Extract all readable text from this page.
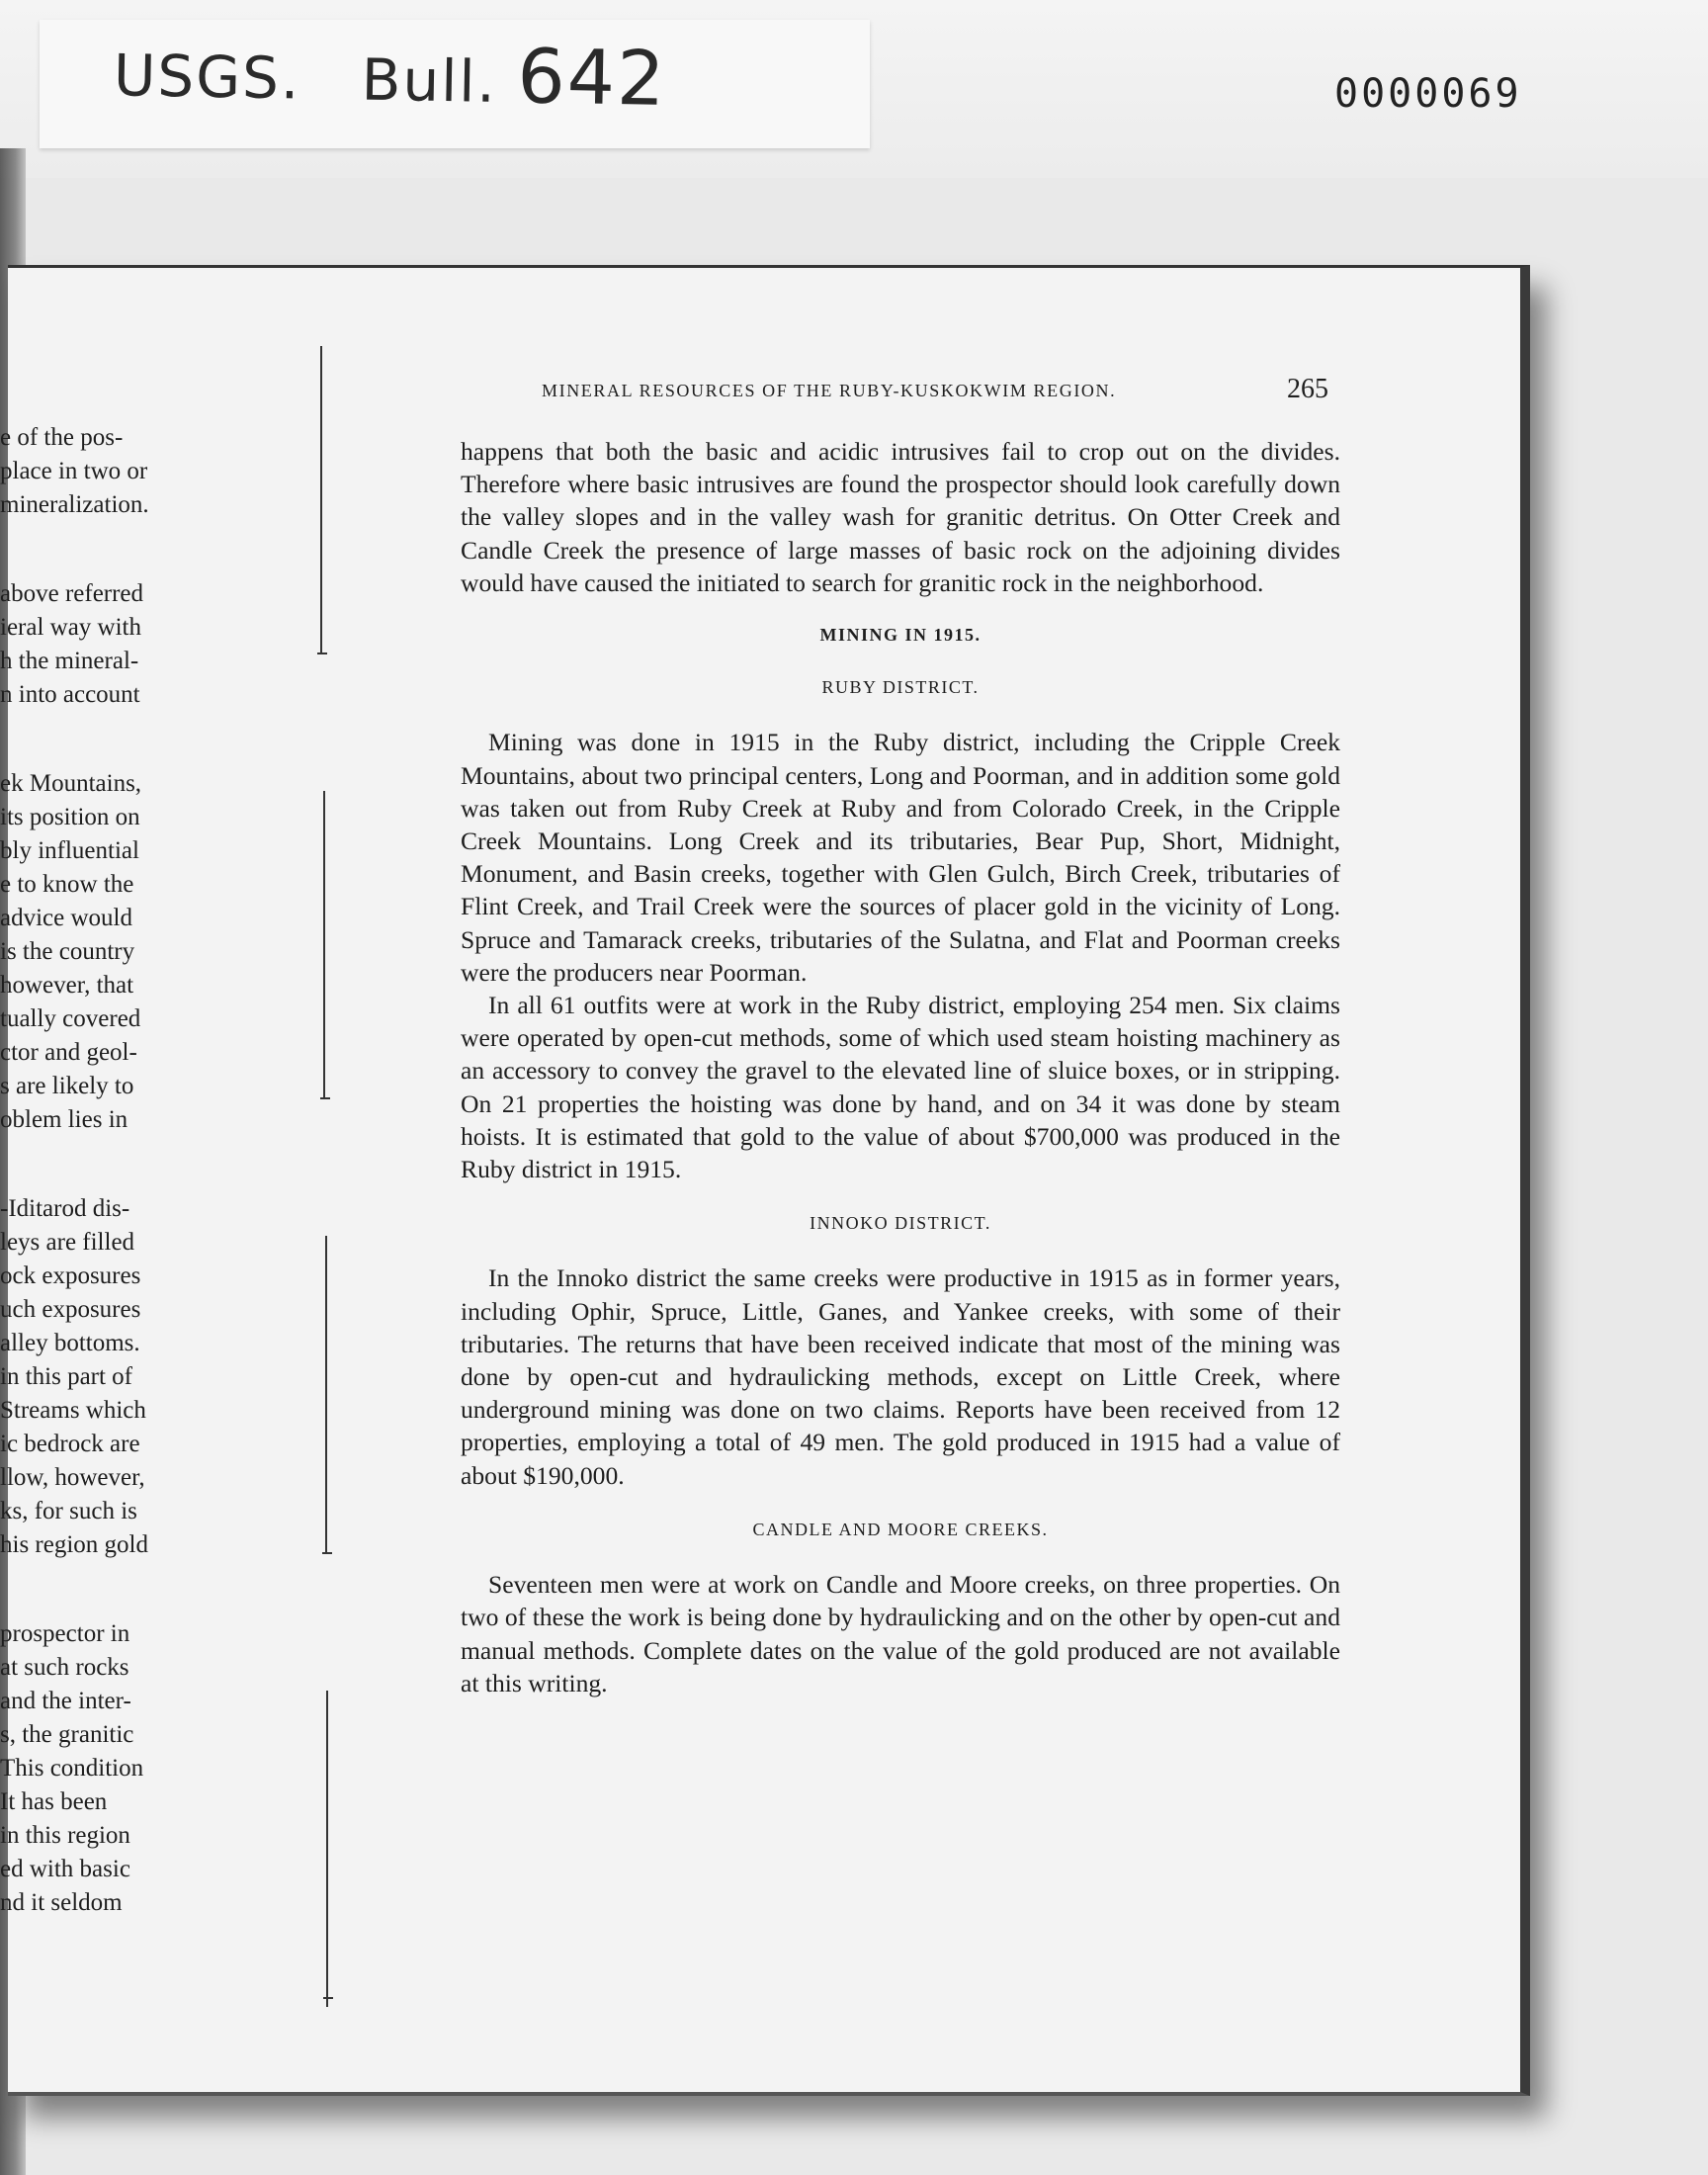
USGS. Bull. 642	0000069
e of the pos-
place in two or
mineralization.
above referred
ieral way with
h the mineral-
n into account
ek Mountains,
its position on
bly influential
e to know the
advice would
is the country
however, that
tually covered
ctor and geol-
s are likely to
oblem lies in
-Iditarod dis-
leys are filled
ock exposures
uch exposures
alley bottoms.
in this part of
Streams which
ic bedrock are
llow, however,
ks, for such is
his region gold
prospector in
at such rocks
and the inter-
s, the granitic
This condition
It has been
in this region
ed with basic
nd it seldom
MINERAL RESOURCES OF THE RUBY-KUSKOKWIM REGION.	265

happens that both the basic and acidic intrusives fail to crop out on the divides. Therefore where basic intrusives are found the prospector should look carefully down the valley slopes and in the valley wash for granitic detritus. On Otter Creek and Candle Creek the presence of large masses of basic rock on the adjoining divides would have caused the initiated to search for granitic rock in the neighborhood.

MINING IN 1915.
RUBY DISTRICT.

Mining was done in 1915 in the Ruby district, including the Cripple Creek Mountains, about two principal centers, Long and Poorman, and in addition some gold was taken out from Ruby Creek at Ruby and from Colorado Creek, in the Cripple Creek Mountains. Long Creek and its tributaries, Bear Pup, Short, Midnight, Monument, and Basin creeks, together with Glen Gulch, Birch Creek, tributaries of Flint Creek, and Trail Creek were the sources of placer gold in the vicinity of Long. Spruce and Tamarack creeks, tributaries of the Sulatna, and Flat and Poorman creeks were the producers near Poorman.

In all 61 outfits were at work in the Ruby district, employing 254 men. Six claims were operated by open-cut methods, some of which used steam hoisting machinery as an accessory to convey the gravel to the elevated line of sluice boxes, or in stripping. On 21 properties the hoisting was done by hand, and on 34 it was done by steam hoists. It is estimated that gold to the value of about $700,000 was produced in the Ruby district in 1915.

INNOKO DISTRICT.

In the Innoko district the same creeks were productive in 1915 as in former years, including Ophir, Spruce, Little, Ganes, and Yankee creeks, with some of their tributaries. The returns that have been received indicate that most of the mining was done by open-cut and hydraulicking methods, except on Little Creek, where underground mining was done on two claims. Reports have been received from 12 properties, employing a total of 49 men. The gold produced in 1915 had a value of about $190,000.

CANDLE AND MOORE CREEKS.

Seventeen men were at work on Candle and Moore creeks, on three properties. On two of these the work is being done by hydraulicking and on the other by open-cut and manual methods. Complete dates on the value of the gold produced are not available at this writing.
